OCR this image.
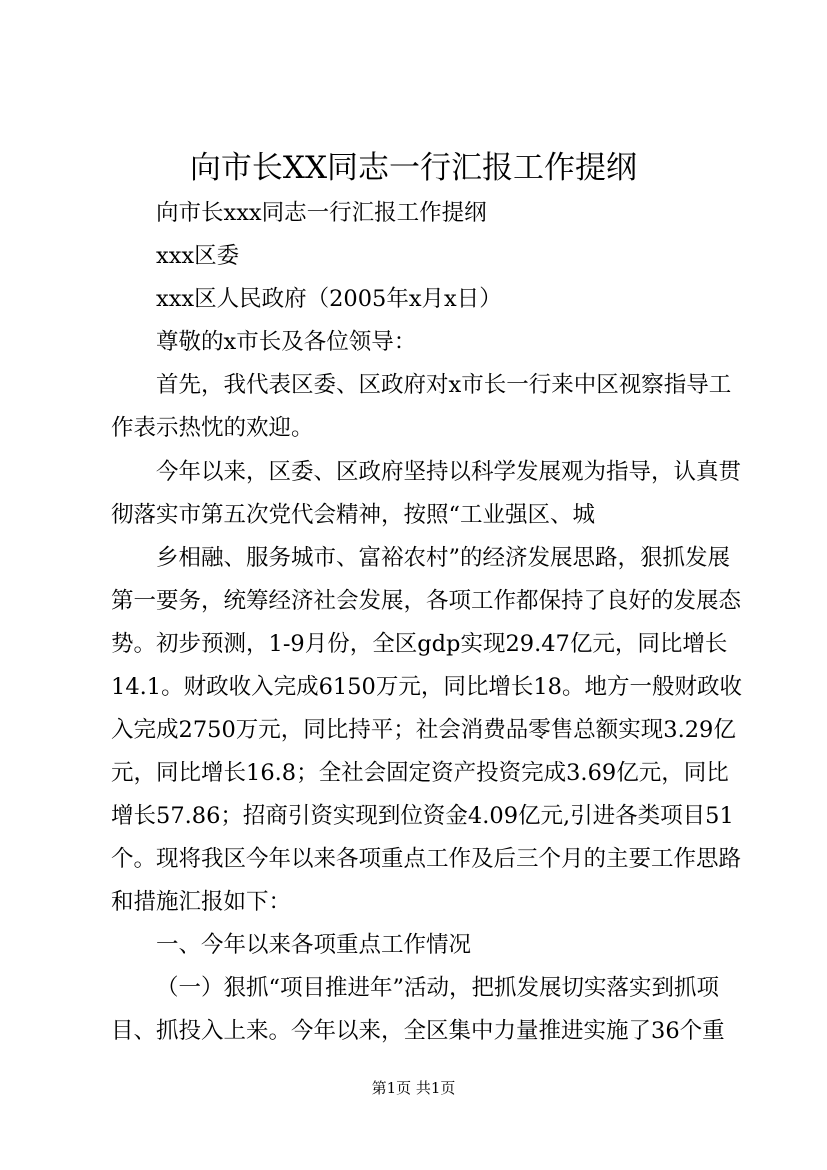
向市长XX同志一行汇报工作提纲
向市长xxx同志一行汇报工作提纲
xxx区委
xxx区人民政府（2005年x月x日）
尊敬的x市长及各位领导：
首先，我代表区委、区政府对x市长一行来中区视察指导工
作表示热忱的欢迎。
今年以来，区委、区政府坚持以科学发展观为指导，认真贯
彻落实市第五次党代会精神，按照“工业强区、城
乡相融、服务城市、富裕农村”的经济发展思路，狠抓发展
第一要务，统筹经济社会发展，各项工作都保持了良好的发展态
势。初步预测，1-9月份，全区gdp实现29.47亿元，同比增长
14.1。财政收入完成6150万元，同比增长18。地方一般财政收
入完成2750万元，同比持平；社会消费品零售总额实现3.29亿
元，同比增长16.8；全社会固定资产投资完成3.69亿元，同比
增长57.86；招商引资实现到位资金4.09亿元,引进各类项目51
个。现将我区今年以来各项重点工作及后三个月的主要工作思路
和措施汇报如下：
一、今年以来各项重点工作情况
（一）狠抓“项目推进年”活动，把抓发展切实落实到抓项
目、抓投入上来。今年以来，全区集中力量推进实施了36个重
第1页 共1页
